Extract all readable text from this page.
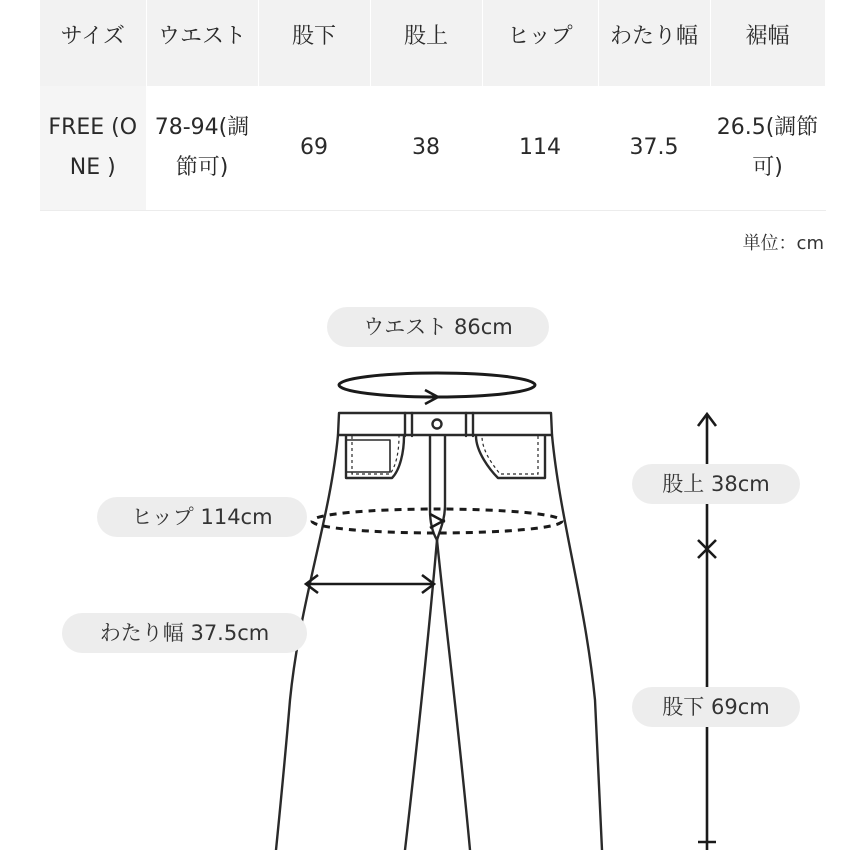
サイズ	ウエスト	股下	股上	ヒップ	わたり幅	裾幅
FREE (ONE )	78-94(調節可)	69	38	114	37.5	26.5(調節可)
単位：cm
ウエスト 86cm
ヒップ 114cm
わたり幅 37.5cm
股上 38cm
股下 69cm
